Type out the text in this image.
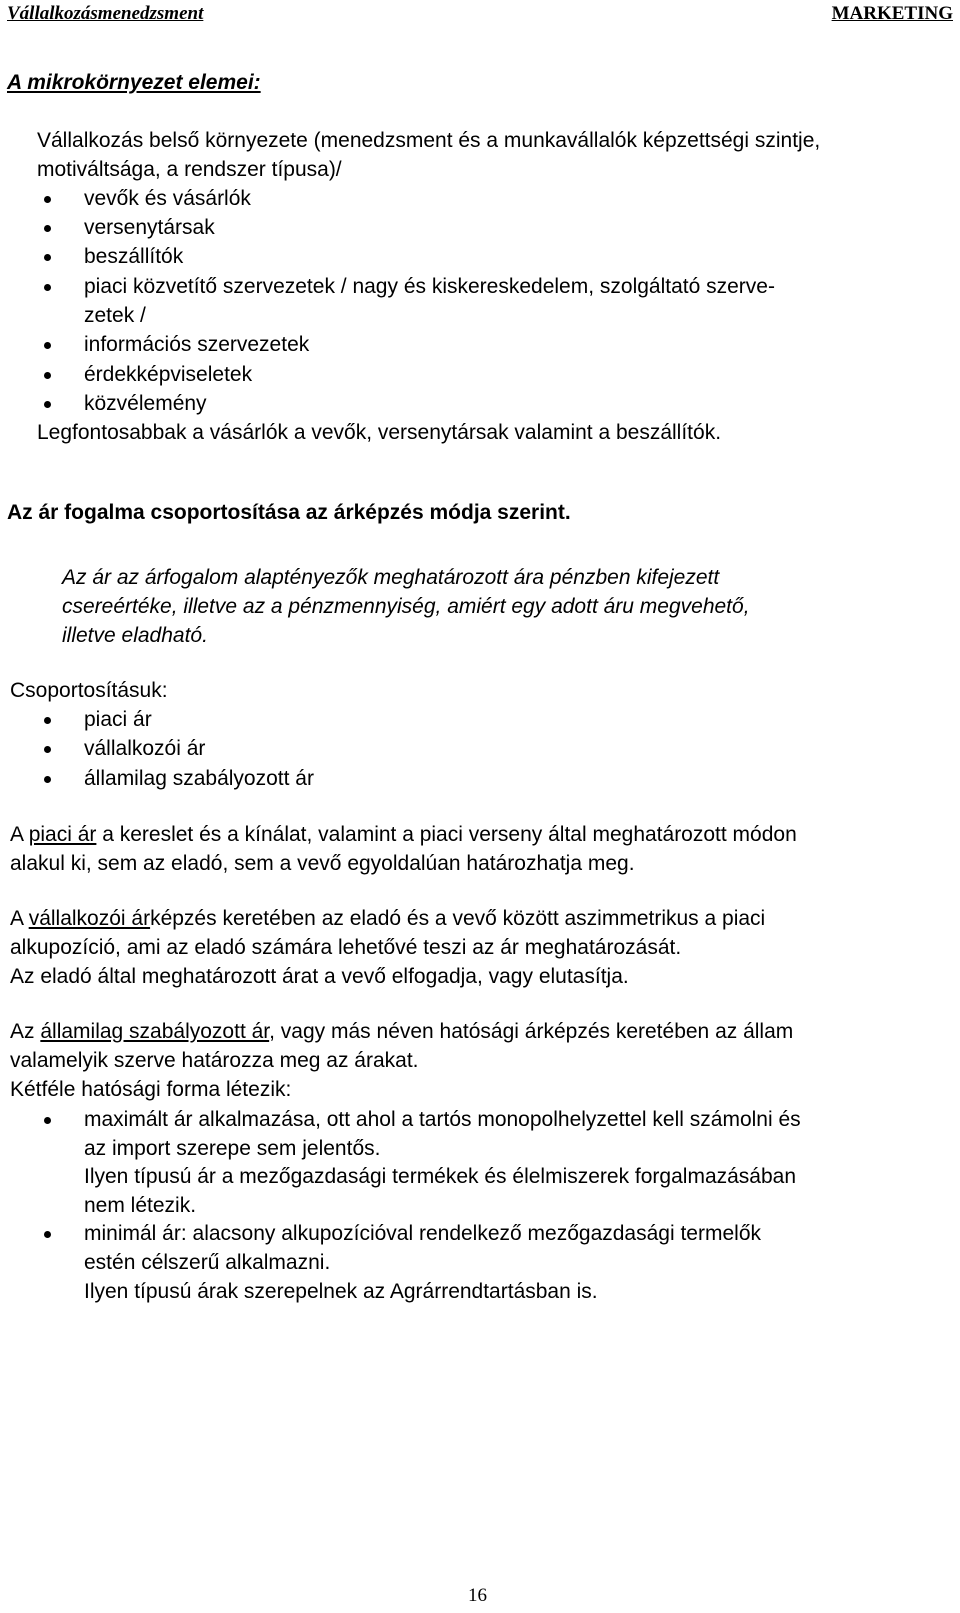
Vállalkozásmenedzsment	MARKETING
A mikrokörnyezet elemei:
Vállalkozás belső környezete (menedzsment és a munkavállalók képzettségi szintje,
motiváltsága, a rendszer típusa)/
vevők és vásárlók
versenytársak
beszállítók
piaci közvetítő szervezetek / nagy és kiskereskedelem, szolgáltató szerve-
zetek /
információs szervezetek
érdekképviseletek
közvélemény
Legfontosabbak a vásárlók a vevők, versenytársak valamint a beszállítók.
Az ár fogalma csoportosítása az árképzés módja szerint.
Az ár az árfogalom alaptényezők meghatározott ára pénzben kifejezett
csereértéke, illetve az a pénzmennyiség, amiért egy adott áru megvehető,
illetve eladható.
Csoportosításuk:
piaci ár
vállalkozói ár
államilag szabályozott ár
A piaci ár a kereslet és a kínálat, valamint a piaci verseny által meghatározott módon
alakul ki, sem az eladó, sem a vevő egyoldalúan határozhatja meg.
A vállalkozói árképzés keretében az eladó és a vevő között aszimmetrikus a piaci
alkupozíció, ami az eladó számára lehetővé teszi az ár meghatározását.
Az eladó által meghatározott árat a vevő elfogadja, vagy elutasítja.
Az államilag szabályozott ár, vagy más néven hatósági árképzés keretében az állam
valamelyik szerve határozza meg az árakat.
Kétféle hatósági forma létezik:
maximált ár alkalmazása, ott ahol a tartós monopolhelyzettel kell számolni és
az import szerepe sem jelentős.
Ilyen típusú ár a mezőgazdasági termékek és élelmiszerek forgalmazásában
nem létezik.
minimál ár: alacsony alkupozícióval rendelkező mezőgazdasági termelők
estén célszerű alkalmazni.
Ilyen típusú árak szerepelnek az Agrárrendtartásban is.
16
